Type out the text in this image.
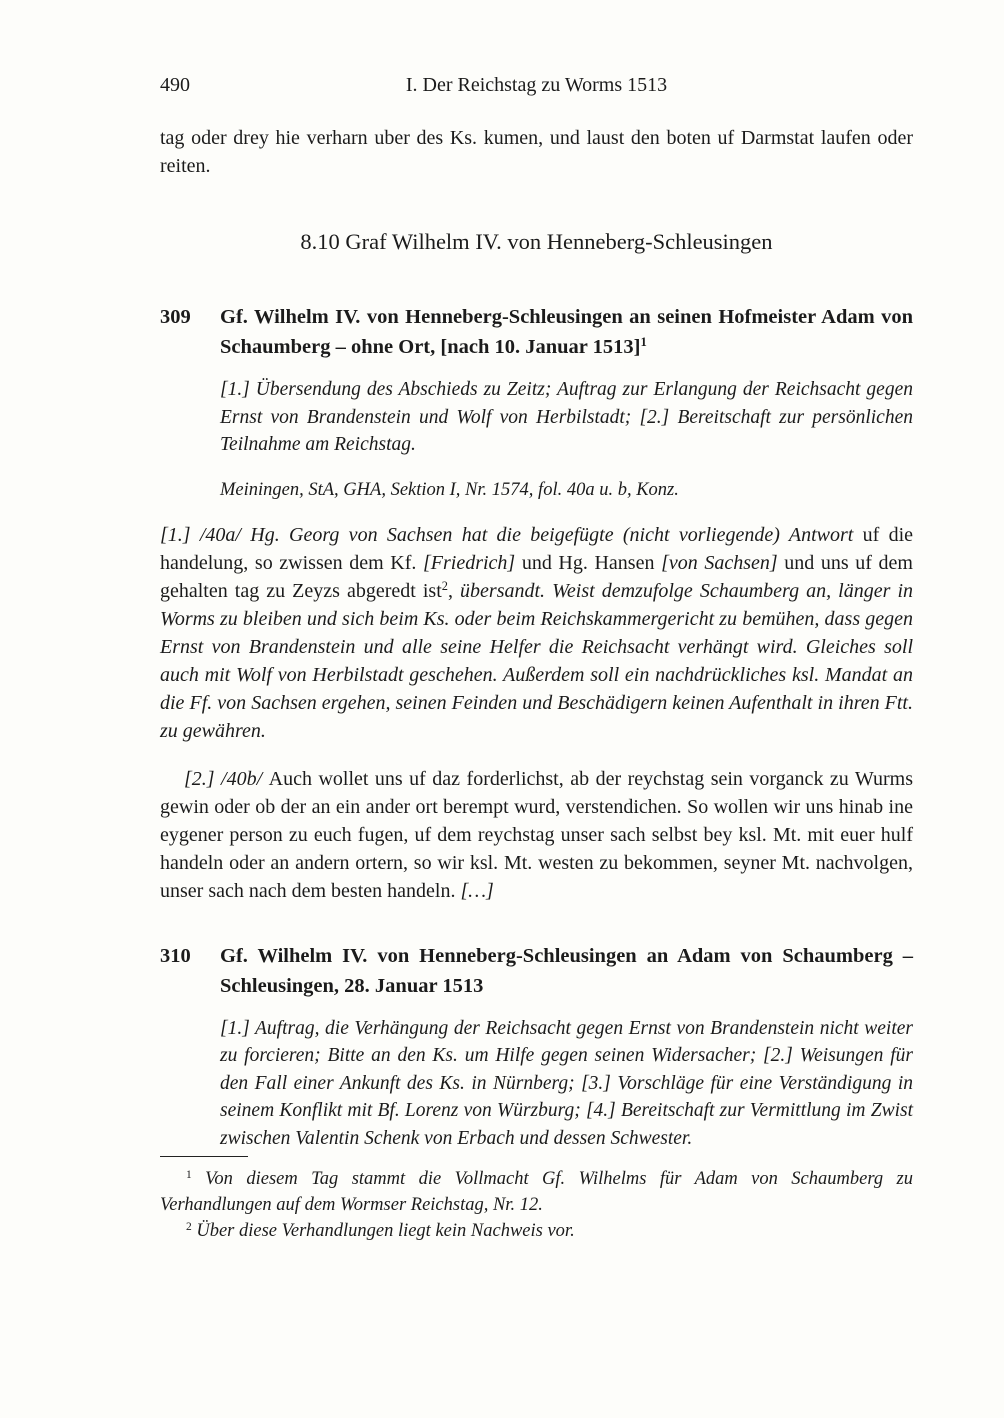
490	I. Der Reichstag zu Worms 1513

tag oder drey hie verharn uber des Ks. kumen, und laust den boten uf Darmstat laufen oder reiten.

8.10 Graf Wilhelm IV. von Henneberg-Schleusingen
309	Gf. Wilhelm IV. von Henneberg-Schleusingen an seinen Hofmeister Adam von Schaumberg – ohne Ort, [nach 10. Januar 1513]$^1$

[1.] Übersendung des Abschieds zu Zeitz; Auftrag zur Erlangung der Reichsacht gegen Ernst von Brandenstein und Wolf von Herbilstadt; [2.] Bereitschaft zur persönlichen Teilnahme am Reichstag.

Meiningen, StA, GHA, Sektion I, Nr. 1574, fol. 40a u. b, Konz.

[1.] /40a/ Hg. Georg von Sachsen hat die beigefügte (nicht vorliegende) Antwort uf die handelung, so zwissen dem Kf. [Friedrich] und Hg. Hansen [von Sachsen] und uns uf dem gehalten tag zu Zeyzs abgeredt ist$^2$, übersandt. Weist demzufolge Schaumberg an, länger in Worms zu bleiben und sich beim Ks. oder beim Reichskammergericht zu bemühen, dass gegen Ernst von Brandenstein und alle seine Helfer die Reichsacht verhängt wird. Gleiches soll auch mit Wolf von Herbilstadt geschehen. Außerdem soll ein nachdrückliches ksl. Mandat an die Ff. von Sachsen ergehen, seinen Feinden und Beschädigern keinen Aufenthalt in ihren Ftt. zu gewähren.

[2.] /40b/ Auch wollet uns uf daz forderlichst, ab der reychstag sein vorganck zu Wurms gewin oder ob der an ein ander ort berempt wurd, verstendichen. So wollen wir uns hinab ine eygener person zu euch fugen, uf dem reychstag unser sach selbst bey ksl. Mt. mit euer hulf handeln oder an andern ortern, so wir ksl. Mt. westen zu bekommen, seyner Mt. nachvolgen, unser sach nach dem besten handeln. […]

310	Gf. Wilhelm IV. von Henneberg-Schleusingen an Adam von Schaumberg – Schleusingen, 28. Januar 1513

[1.] Auftrag, die Verhängung der Reichsacht gegen Ernst von Brandenstein nicht weiter zu forcieren; Bitte an den Ks. um Hilfe gegen seinen Widersacher; [2.] Weisungen für den Fall einer Ankunft des Ks. in Nürnberg; [3.] Vorschläge für eine Verständigung in seinem Konflikt mit Bf. Lorenz von Würzburg; [4.] Bereitschaft zur Vermittlung im Zwist zwischen Valentin Schenk von Erbach und dessen Schwester.

$^1$ Von diesem Tag stammt die Vollmacht Gf. Wilhelms für Adam von Schaumberg zu Verhandlungen auf dem Wormser Reichstag, Nr. 12.

$^2$ Über diese Verhandlungen liegt kein Nachweis vor.
